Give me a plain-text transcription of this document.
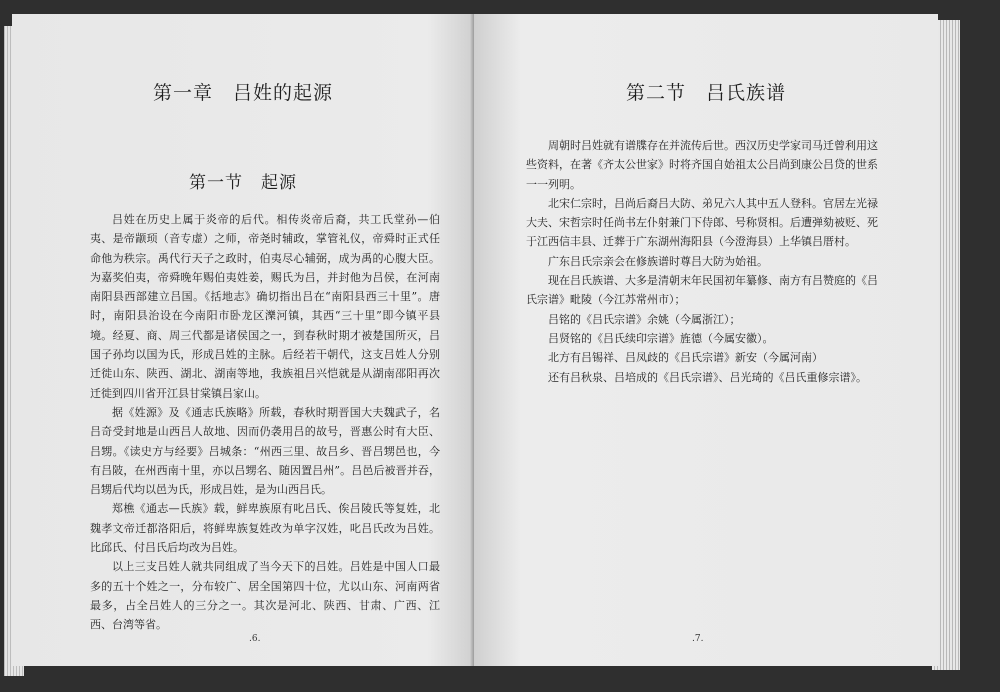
第一章　吕姓的起源
第一节　起源

吕姓在历史上属于炎帝的后代。相传炎帝后裔，共工氏堂孙—伯夷、是帝颛顼（音专虚）之师，帝尧时辅政，掌管礼仪，帝舜时正式任命他为秩宗。禹代行天子之政时，伯夷尽心辅弼，成为禹的心腹大臣。为嘉奖伯夷，帝舜晚年赐伯夷姓姜，赐氏为吕，并封他为吕侯，在河南南阳县西部建立吕国。《括地志》确切指出吕在“南阳县西三十里”。唐时，南阳县治设在今南阳市卧龙区濼河镇，其西“三十里”即今镇平县境。经夏、商、周三代都是诸侯国之一，到春秋时期才被楚国所灭，吕国子孙均以国为氏，形成吕姓的主脉。后经若干朝代，这支吕姓人分别迁徙山东、陕西、湖北、湖南等地，我族祖吕兴恺就是从湖南邵阳再次迁徙到四川省开江县甘棠镇吕家山。

据《姓源》及《通志氏族略》所载，春秋时期晋国大夫魏武子，名吕奇受封地是山西吕人故地、因而仍袭用吕的故号，晋惠公时有大臣、吕甥。《读史方与经要》吕城条：“州西三里、故吕乡、晋吕甥邑也，今有吕陂，在州西南十里，亦以吕甥名、随因置吕州”。吕邑后被晋并吞，吕甥后代均以邑为氏，形成吕姓，是为山西吕氏。

郑樵《通志—氏族》载，鲜卑族原有叱吕氏、俟吕陵氏等复姓，北魏孝文帝迁都洛阳后，将鲜卑族复姓改为单字汉姓，叱吕氏改为吕姓。比邱氏、付吕氏后均改为吕姓。

以上三支吕姓人就共同组成了当今天下的吕姓。吕姓是中国人口最多的五十个姓之一，分布较广、居全国第四十位，尤以山东、河南两省最多，占全吕姓人的三分之一。其次是河北、陕西、甘肃、广西、江西、台湾等省。

.6.
第二节　吕氏族谱

周朝时吕姓就有谱牒存在并流传后世。西汉历史学家司马迁曾利用这些资料，在著《齐太公世家》时将齐国自始祖太公吕尚到康公吕贷的世系一一列明。

北宋仁宗时，吕尚后裔吕大防、弟兄六人其中五人登科。官居左光禄大夫、宋哲宗时任尚书左仆射兼门下侍郎、号称贤相。后遭弹劾被贬、死于江西信丰县、迁葬于广东湖州海阳县（今澄海县）上华镇吕厝村。

广东吕氏宗亲会在修族谱时尊吕大防为始祖。

现在吕氏族谱、大多是清朝末年民国初年纂修、南方有吕赞庭的《吕氏宗谱》毗陵（今江苏常州市）；

吕铭的《吕氏宗谱》余姚（今属浙江）；

吕贤铭的《吕氏续印宗谱》旌德（今属安徽）。

北方有吕锡祥、吕凤歧的《吕氏宗谱》新安（今属河南）

还有吕秋泉、吕培成的《吕氏宗谱》、吕光琦的《吕氏重修宗谱》。

.7.
